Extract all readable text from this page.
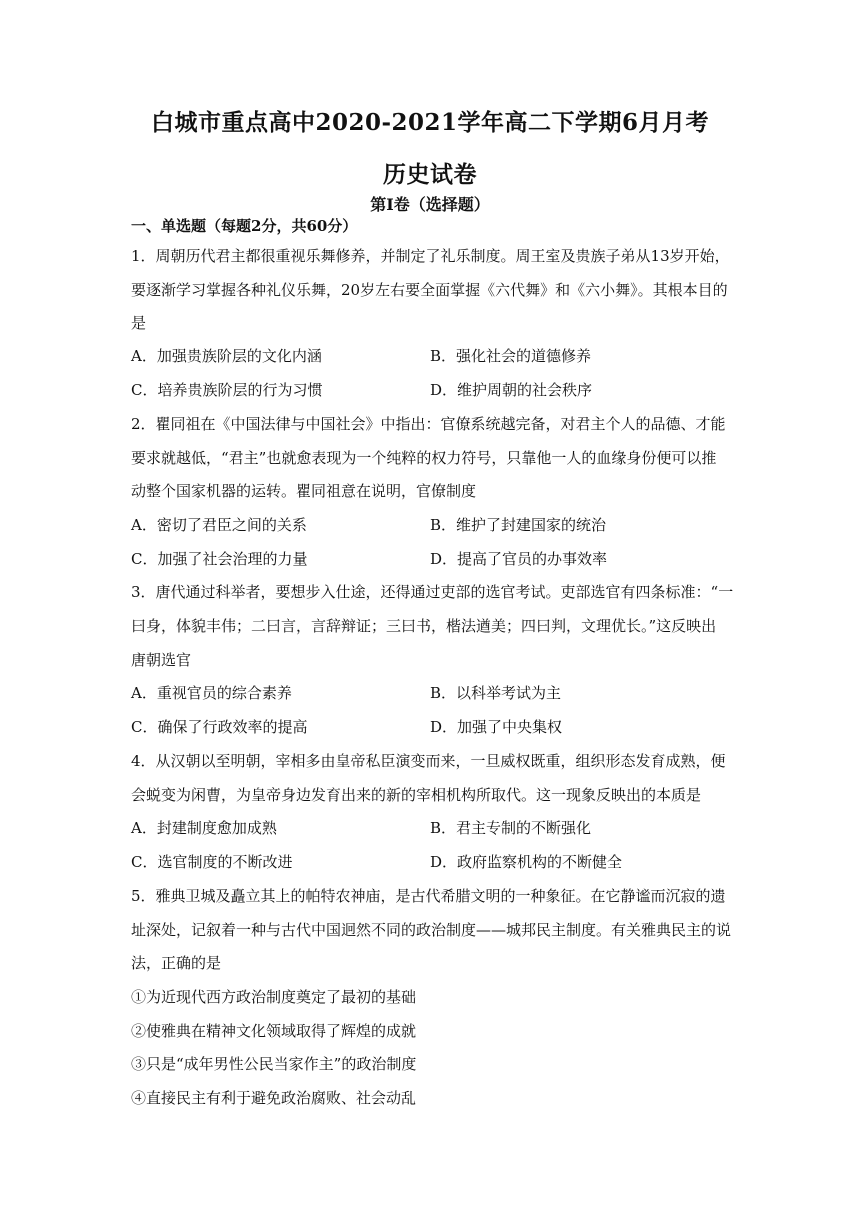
白城市重点高中2020-2021学年高二下学期6月月考
历史试卷
第Ⅰ卷（选择题）
一、单选题（每题2分，共60分）
1．周朝历代君主都很重视乐舞修养，并制定了礼乐制度。周王室及贵族子弟从13岁开始，
要逐渐学习掌握各种礼仪乐舞，20岁左右要全面掌握《六代舞》和《六小舞》。其根本目的
是
A．加强贵族阶层的文化内涵	B．强化社会的道德修养
C．培养贵族阶层的行为习惯	D．维护周朝的社会秩序
2．瞿同祖在《中国法律与中国社会》中指出：官僚系统越完备，对君主个人的品德、才能
要求就越低，“君主”也就愈表现为一个纯粹的权力符号，只靠他一人的血缘身份便可以推
动整个国家机器的运转。瞿同祖意在说明，官僚制度
A．密切了君臣之间的关系	B．维护了封建国家的统治
C．加强了社会治理的力量	D．提高了官员的办事效率
3．唐代通过科举者，要想步入仕途，还得通过吏部的选官考试。吏部选官有四条标准：“一
曰身，体貌丰伟；二曰言，言辞辩证；三曰书，楷法遒美；四曰判，文理优长。”这反映出
唐朝选官
A．重视官员的综合素养	B．以科举考试为主
C．确保了行政效率的提高	D．加强了中央集权
4．从汉朝以至明朝，宰相多由皇帝私臣演变而来，一旦威权既重，组织形态发育成熟，便
会蜕变为闲曹，为皇帝身边发育出来的新的宰相机构所取代。这一现象反映出的本质是
A．封建制度愈加成熟	B．君主专制的不断强化
C．选官制度的不断改进	D．政府监察机构的不断健全
5．雅典卫城及矗立其上的帕特农神庙，是古代希腊文明的一种象征。在它静谧而沉寂的遗
址深处，记叙着一种与古代中国迥然不同的政治制度——城邦民主制度。有关雅典民主的说
法，正确的是
①为近现代西方政治制度奠定了最初的基础
②使雅典在精神文化领域取得了辉煌的成就
③只是“成年男性公民当家作主”的政治制度
④直接民主有利于避免政治腐败、社会动乱
